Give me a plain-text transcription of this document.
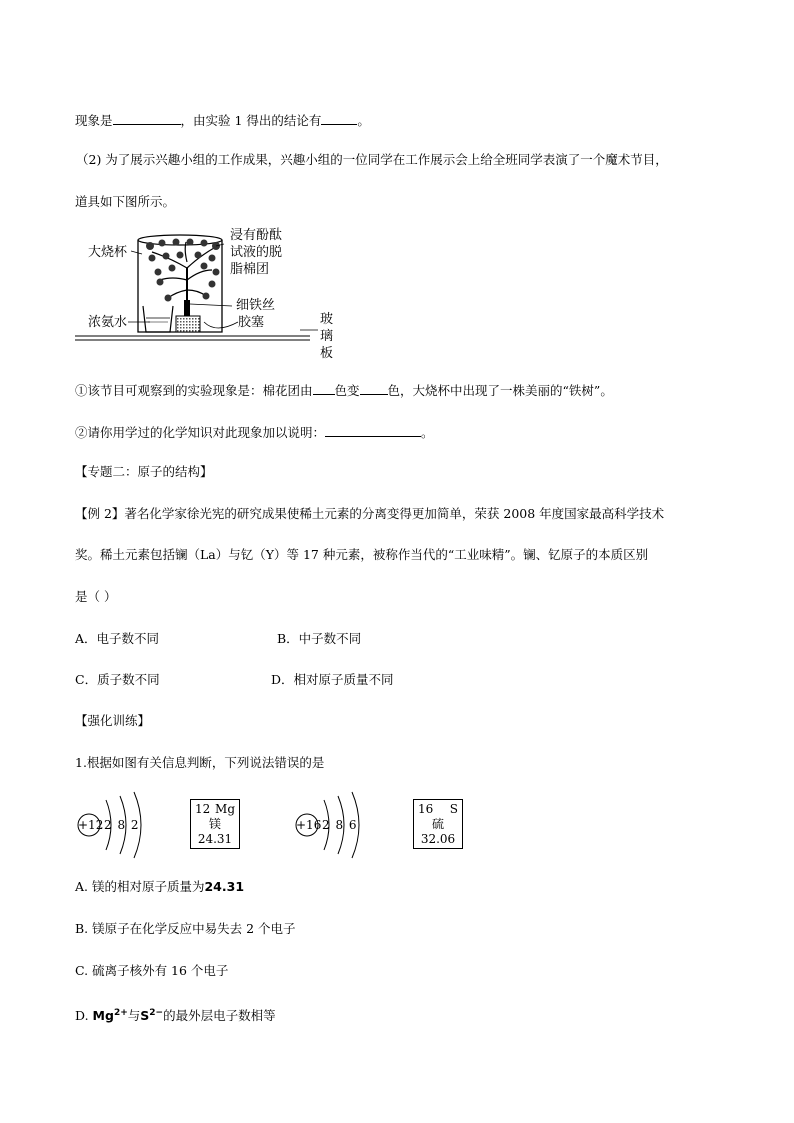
现象是	，由实验 1 得出的结论有	。
（2) 为了展示兴趣小组的工作成果，兴趣小组的一位同学在工作展示会上给全班同学表演了一个魔术节目，
道具如下图所示。
大烧杯
浸有酚酞
试液的脱
脂棉团
细铁丝
胶塞
浓氨水	玻
璃
板
①该节目可观察到的实验现象是：棉花团由 色变 色，大烧杯中出现了一株美丽的“铁树”。
②请你用学过的化学知识对此现象加以说明：	。
【专题二：原子的结构】
【例 2】著名化学家徐光宪的研究成果使稀土元素的分离变得更加简单，荣获 2008 年度国家最高科学技术
奖。稀土元素包括镧（La）与钇（Y）等 17 种元素，被称作当代的“工业味精”。镧、钇原子的本质区别
是（ ）
A．电子数不同	B．中子数不同
C．质子数不同	D．相对原子质量不同
【强化训练】
1.根据如图有关信息判断，下列说法错误的是
+12 2 8 2	+16 2 8 6
12 Mg
镁
24.31
16 S
硫
32.06
A. 镁的相对原子质量为24.31
B. 镁原子在化学反应中易失去 2 个电子
C. 硫离子核外有 16 个电子
D. $Mg^{2+}$与$S^{2-}$的最外层电子数相等
